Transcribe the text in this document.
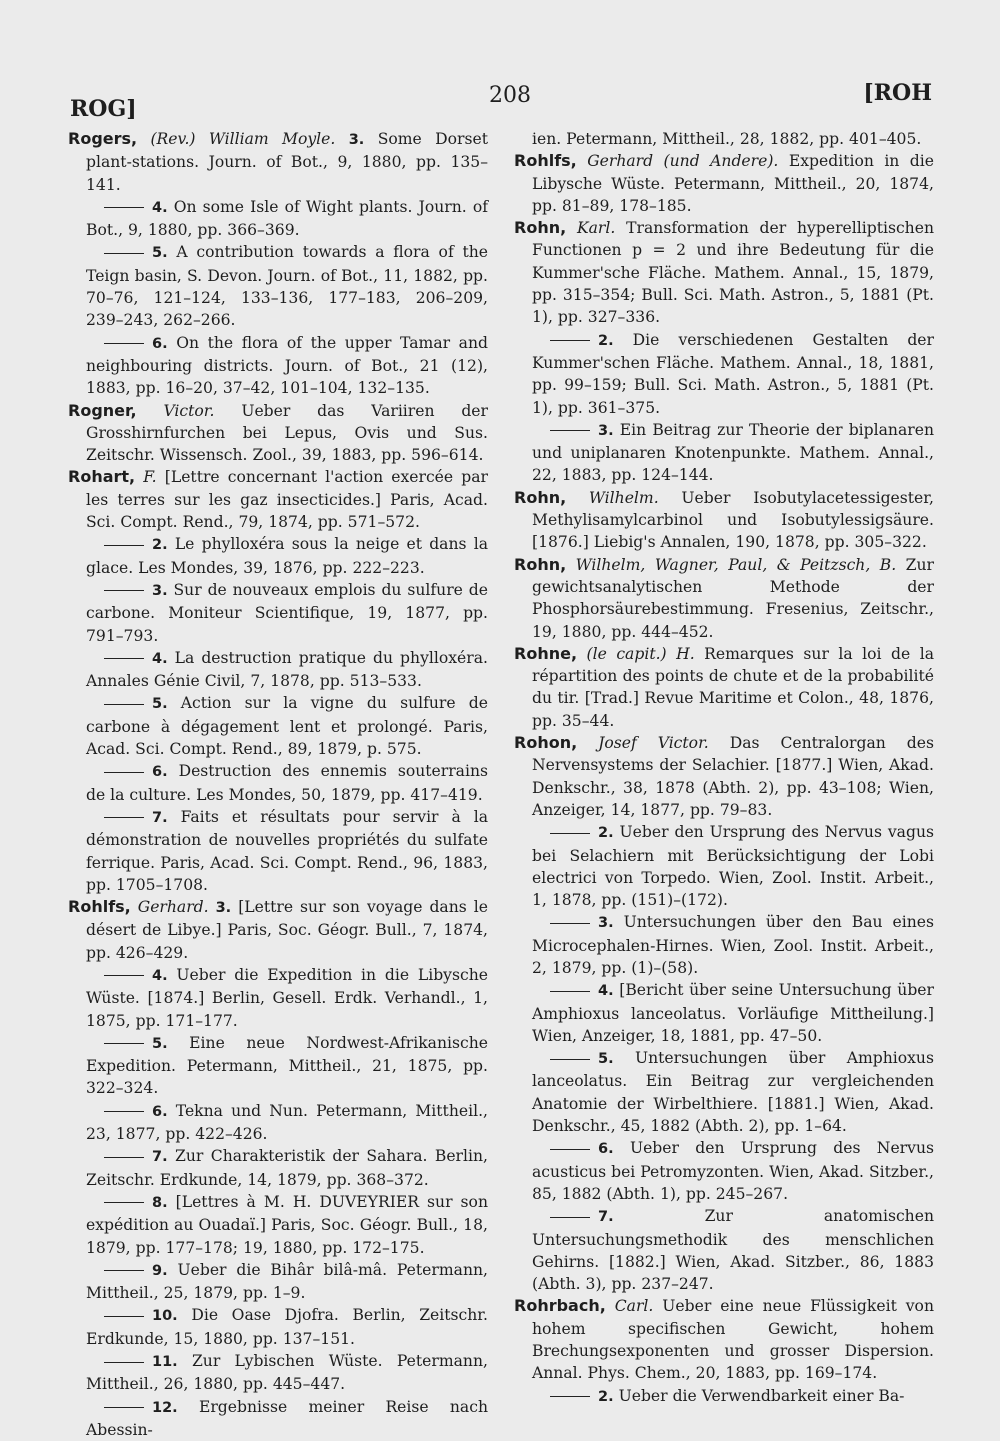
ROG]
208	[ROH

Rogers, (Rev.) William Moyle. 3. Some Dorset plant-stations. Journ. of Bot., 9, 1880, pp. 135–141.

4. On some Isle of Wight plants. Journ. of Bot., 9, 1880, pp. 366–369.

5. A contribution towards a flora of the Teign basin, S. Devon. Journ. of Bot., 11, 1882, pp. 70–76, 121–124, 133–136, 177–183, 206–209, 239–243, 262–266.

6. On the flora of the upper Tamar and neighbouring districts. Journ. of Bot., 21 (12), 1883, pp. 16–20, 37–42, 101–104, 132–135.

Rogner, Victor. Ueber das Variiren der Grosshirnfurchen bei Lepus, Ovis und Sus. Zeitschr. Wissensch. Zool., 39, 1883, pp. 596–614.

Rohart, F. [Lettre concernant l'action exercée par les terres sur les gaz insecticides.] Paris, Acad. Sci. Compt. Rend., 79, 1874, pp. 571–572.

2. Le phylloxéra sous la neige et dans la glace. Les Mondes, 39, 1876, pp. 222–223.

3. Sur de nouveaux emplois du sulfure de carbone. Moniteur Scientifique, 19, 1877, pp. 791–793.

4. La destruction pratique du phylloxéra. Annales Génie Civil, 7, 1878, pp. 513–533.

5. Action sur la vigne du sulfure de carbone à dégagement lent et prolongé. Paris, Acad. Sci. Compt. Rend., 89, 1879, p. 575.

6. Destruction des ennemis souterrains de la culture. Les Mondes, 50, 1879, pp. 417–419.

7. Faits et résultats pour servir à la démonstration de nouvelles propriétés du sulfate ferrique. Paris, Acad. Sci. Compt. Rend., 96, 1883, pp. 1705–1708.

Rohlfs, Gerhard. 3. [Lettre sur son voyage dans le désert de Libye.] Paris, Soc. Géogr. Bull., 7, 1874, pp. 426–429.

4. Ueber die Expedition in die Libysche Wüste. [1874.] Berlin, Gesell. Erdk. Verhandl., 1, 1875, pp. 171–177.

5. Eine neue Nordwest-Afrikanische Expedition. Petermann, Mittheil., 21, 1875, pp. 322–324.

6. Tekna und Nun. Petermann, Mittheil., 23, 1877, pp. 422–426.

7. Zur Charakteristik der Sahara. Berlin, Zeitschr. Erdkunde, 14, 1879, pp. 368–372.

8. [Lettres à M. H. DUVEYRIER sur son expédition au Ouadaï.] Paris, Soc. Géogr. Bull., 18, 1879, pp. 177–178; 19, 1880, pp. 172–175.

9. Ueber die Bihâr bilâ-mâ. Petermann, Mittheil., 25, 1879, pp. 1–9.

10. Die Oase Djofra. Berlin, Zeitschr. Erdkunde, 15, 1880, pp. 137–151.

11. Zur Lybischen Wüste. Petermann, Mittheil., 26, 1880, pp. 445–447.

12. Ergebnisse meiner Reise nach Abessin-

ien. Petermann, Mittheil., 28, 1882, pp. 401–405.

Rohlfs, Gerhard (und Andere). Expedition in die Libysche Wüste. Petermann, Mittheil., 20, 1874, pp. 81–89, 178–185.

Rohn, Karl. Transformation der hyperelliptischen Functionen p = 2 und ihre Bedeutung für die Kummer'sche Fläche. Mathem. Annal., 15, 1879, pp. 315–354; Bull. Sci. Math. Astron., 5, 1881 (Pt. 1), pp. 327–336.

2. Die verschiedenen Gestalten der Kummer'schen Fläche. Mathem. Annal., 18, 1881, pp. 99–159; Bull. Sci. Math. Astron., 5, 1881 (Pt. 1), pp. 361–375.

3. Ein Beitrag zur Theorie der biplanaren und uniplanaren Knotenpunkte. Mathem. Annal., 22, 1883, pp. 124–144.

Rohn, Wilhelm. Ueber Isobutylacetessigester, Methylisamylcarbinol und Isobutylessigsäure. [1876.] Liebig's Annalen, 190, 1878, pp. 305–322.

Rohn, Wilhelm, Wagner, Paul, & Peitzsch, B. Zur gewichtsanalytischen Methode der Phosphorsäurebestimmung. Fresenius, Zeitschr., 19, 1880, pp. 444–452.

Rohne, (le capit.) H. Remarques sur la loi de la répartition des points de chute et de la probabilité du tir. [Trad.] Revue Maritime et Colon., 48, 1876, pp. 35–44.

Rohon, Josef Victor. Das Centralorgan des Nervensystems der Selachier. [1877.] Wien, Akad. Denkschr., 38, 1878 (Abth. 2), pp. 43–108; Wien, Anzeiger, 14, 1877, pp. 79–83.

2. Ueber den Ursprung des Nervus vagus bei Selachiern mit Berücksichtigung der Lobi electrici von Torpedo. Wien, Zool. Instit. Arbeit., 1, 1878, pp. (151)–(172).

3. Untersuchungen über den Bau eines Microcephalen-Hirnes. Wien, Zool. Instit. Arbeit., 2, 1879, pp. (1)–(58).

4. [Bericht über seine Untersuchung über Amphioxus lanceolatus. Vorläufige Mittheilung.] Wien, Anzeiger, 18, 1881, pp. 47–50.

5. Untersuchungen über Amphioxus lanceolatus. Ein Beitrag zur vergleichenden Anatomie der Wirbelthiere. [1881.] Wien, Akad. Denkschr., 45, 1882 (Abth. 2), pp. 1–64.

6. Ueber den Ursprung des Nervus acusticus bei Petromyzonten. Wien, Akad. Sitzber., 85, 1882 (Abth. 1), pp. 245–267.

7.	Zur anatomischen Untersuchungsmethodik des menschlichen Gehirns. [1882.] Wien, Akad. Sitzber., 86, 1883 (Abth. 3), pp. 237–247.

Rohrbach, Carl. Ueber eine neue Flüssigkeit von hohem specifischen Gewicht, hohem Brechungsexponenten und grosser Dispersion. Annal. Phys. Chem., 20, 1883, pp. 169–174.

2. Ueber die Verwendbarkeit einer Ba-
